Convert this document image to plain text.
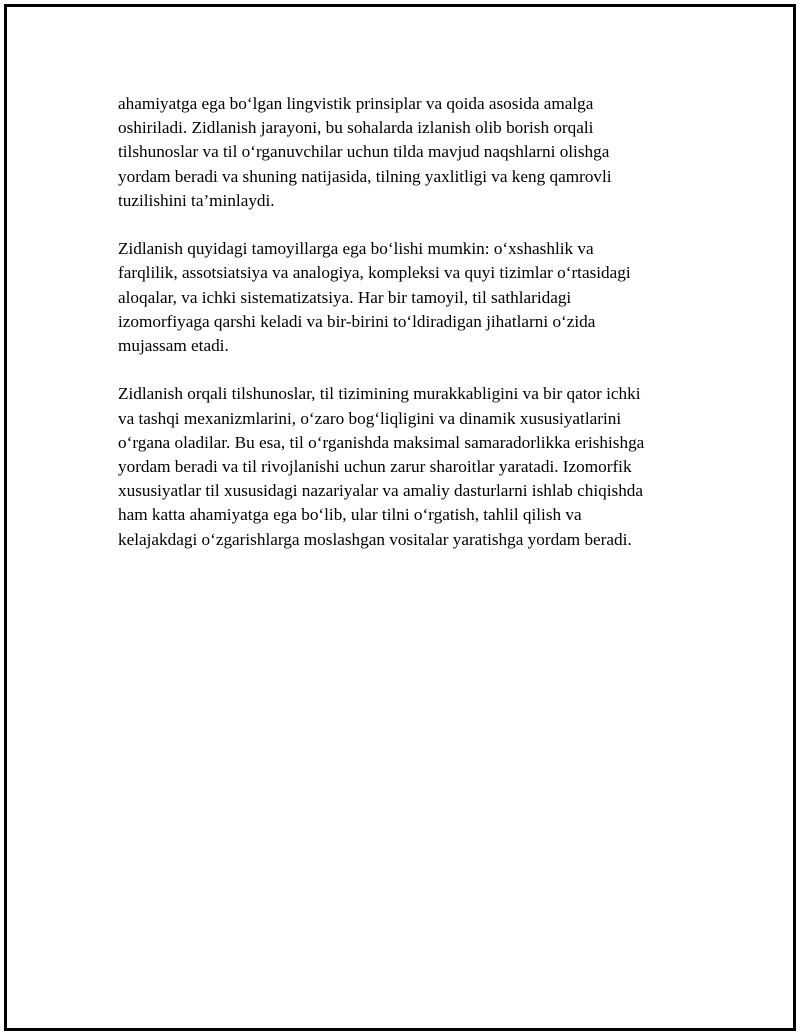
ahamiyatga ega bo‘lgan lingvistik prinsiplar va qoida asosida amalga
oshiriladi. Zidlanish jarayoni, bu sohalarda izlanish olib borish orqali
tilshunoslar va til o‘rganuvchilar uchun tilda mavjud naqshlarni olishga
yordam beradi va shuning natijasida, tilning yaxlitligi va keng qamrovli
tuzilishini ta’minlaydi.

Zidlanish quyidagi tamoyillarga ega bo‘lishi mumkin: o‘xshashlik va
farqlilik, assotsiatsiya va analogiya, kompleksi va quyi tizimlar o‘rtasidagi
aloqalar, va ichki sistematizatsiya. Har bir tamoyil, til sathlaridagi
izomorfiyaga qarshi keladi va bir-birini to‘ldiradigan jihatlarni o‘zida
mujassam etadi.

Zidlanish orqali tilshunoslar, til tizimining murakkabligini va bir qator ichki
va tashqi mexanizmlarini, o‘zaro bog‘liqligini va dinamik xususiyatlarini
o‘rgana oladilar. Bu esa, til o‘rganishda maksimal samaradorlikka erishishga
yordam beradi va til rivojlanishi uchun zarur sharoitlar yaratadi. Izomorfik
xususiyatlar til xususidagi nazariyalar va amaliy dasturlarni ishlab chiqishda
ham katta ahamiyatga ega bo‘lib, ular tilni o‘rgatish, tahlil qilish va
kelajakdagi o‘zgarishlarga moslashgan vositalar yaratishga yordam beradi.
